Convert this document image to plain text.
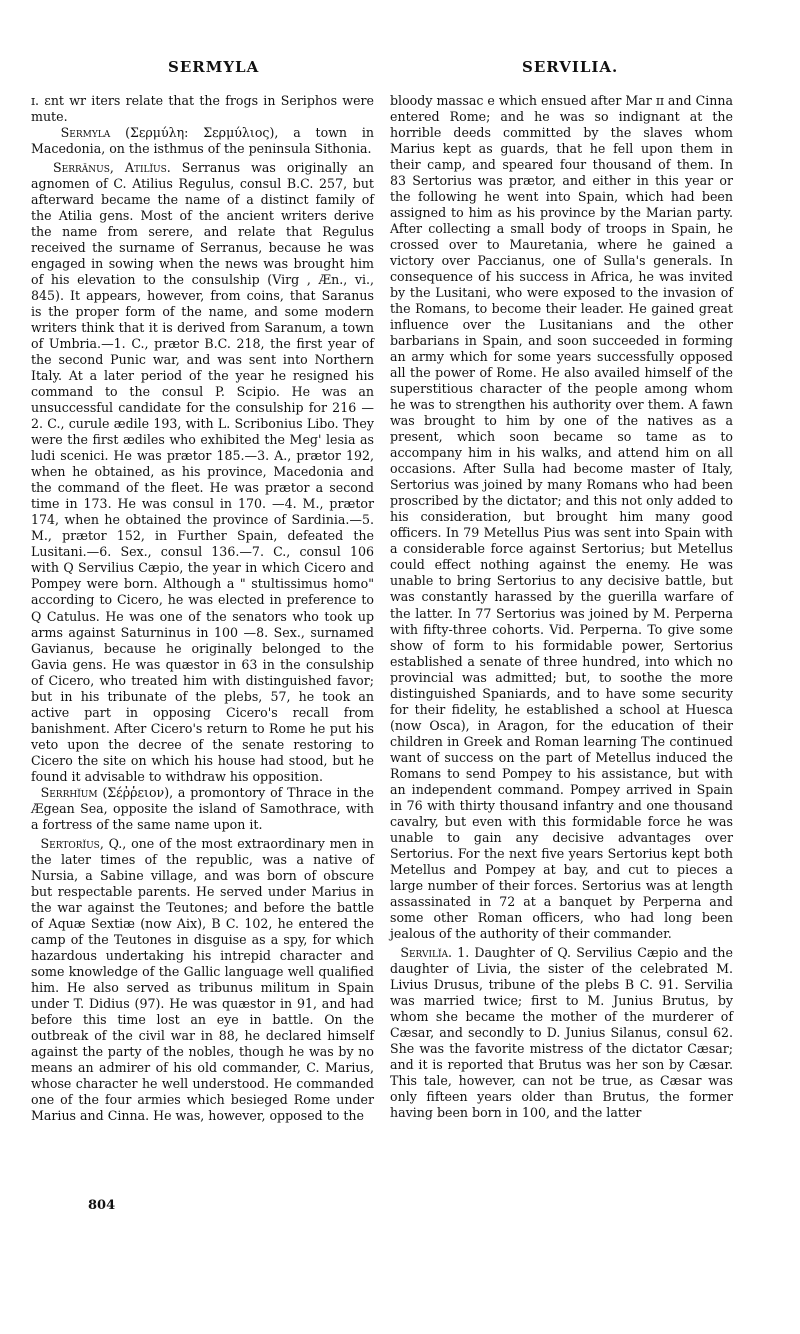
SERMYLA	SERVILIA.

ɪ. ɛnt wr iters relate that the frogs in Seriphos were mute.

Sermyla (Σερμύλη: Σερμύλιος), a town in Macedonia, on the isthmus of the peninsula Sithonia.

Serrānus, Atilĭus. Serranus was originally an agnomen of C. Atilius Regulus, consul B.C. 257, but afterward became the name of a distinct family of the Atilia gens. Most of the ancient writers derive the name from serere, and relate that Regulus received the surname of Serranus, because he was engaged in sowing when the news was brought him of his elevation to the consulship (Virg , Æn., vi., 845). It appears, however, from coins, that Saranus is the proper form of the name, and some modern writers think that it is derived from Saranum, a town of Umbria.—1. C., prætor B.C. 218, the first year of the second Punic war, and was sent into Northern Italy. At a later period of the year he resigned his command to the consul P. Scipio. He was an unsuccessful candidate for the consulship for 216 —2. C., curule ædile 193, with L. Scribonius Libo. They were the first ædiles who exhibited the Meg' lesia as ludi scenici. He was prætor 185.—3. A., prætor 192, when he obtained, as his province, Macedonia and the command of the fleet. He was prætor a second time in 173. He was consul in 170. —4. M., prætor 174, when he obtained the province of Sardinia.—5. M., prætor 152, in Further Spain, defeated the Lusitani.—6. Sex., consul 136.—7. C., consul 106 with Q Servilius Cæpio, the year in which Cicero and Pompey were born. Although a " stultissimus homo" according to Cicero, he was elected in preference to Q Catulus. He was one of the senators who took up arms against Saturninus in 100 —8. Sex., surnamed Gavianus, because he originally belonged to the Gavia gens. He was quæstor in 63 in the consulship of Cicero, who treated him with distinguished favor; but in his tribunate of the plebs, 57, he took an active part in opposing Cicero's recall from banishment. After Cicero's return to Rome he put his veto upon the decree of the senate restoring to Cicero the site on which his house had stood, but he found it advisable to withdraw his opposition.

Serrhĭum (Σέῤῥειον), a promontory of Thrace in the Ægean Sea, opposite the island of Samothrace, with a fortress of the same name upon it.

Sertorĭus, Q., one of the most extraordinary men in the later times of the republic, was a native of Nursia, a Sabine village, and was born of obscure but respectable parents. He served under Marius in the war against the Teutones; and before the battle of Aquæ Sextiæ (now Aix), B C. 102, he entered the camp of the Teutones in disguise as a spy, for which hazardous undertaking his intrepid character and some knowledge of the Gallic language well qualified him. He also served as tribunus militum in Spain under T. Didius (97). He was quæstor in 91, and had before this time lost an eye in battle. On the outbreak of the civil war in 88, he declared himself against the party of the nobles, though he was by no means an admirer of his old commander, C. Marius, whose character he well understood. He commanded one of the four armies which besieged Rome under Marius and Cinna. He was, however, opposed to the

bloody massac e which ensued after Mar ɪɪ and Cinna entered Rome; and he was so indignant at the horrible deeds committed by the slaves whom Marius kept as guards, that he fell upon them in their camp, and speared four thousand of them. In 83 Sertorius was prætor, and either in this year or the following he went into Spain, which had been assigned to him as his province by the Marian party. After collecting a small body of troops in Spain, he crossed over to Mauretania, where he gained a victory over Paccianus, one of Sulla's generals. In consequence of his success in Africa, he was invited by the Lusitani, who were exposed to the invasion of the Romans, to become their leader. He gained great influence over the Lusitanians and the other barbarians in Spain, and soon succeeded in forming an army which for some years successfully opposed all the power of Rome. He also availed himself of the superstitious character of the people among whom he was to strengthen his authority over them. A fawn was brought to him by one of the natives as a present, which soon became so tame as to accompany him in his walks, and attend him on all occasions. After Sulla had become master of Italy, Sertorius was joined by many Romans who had been proscribed by the dictator; and this not only added to his consideration, but brought him many good officers. In 79 Metellus Pius was sent into Spain with a considerable force against Sertorius; but Metellus could effect nothing against the enemy. He was unable to bring Sertorius to any decisive battle, but was constantly harassed by the guerilla warfare of the latter. In 77 Sertorius was joined by M. Perperna with fifty-three cohorts. Vid. Perperna. To give some show of form to his formidable power, Sertorius established a senate of three hundred, into which no provincial was admitted; but, to soothe the more distinguished Spaniards, and to have some security for their fidelity, he established a school at Huesca (now Osca), in Aragon, for the education of their children in Greek and Roman learning The continued want of success on the part of Metellus induced the Romans to send Pompey to his assistance, but with an independent command. Pompey arrived in Spain in 76 with thirty thousand infantry and one thousand cavalry, but even with this formidable force he was unable to gain any decisive advantages over Sertorius. For the next five years Sertorius kept both Metellus and Pompey at bay, and cut to pieces a large number of their forces. Sertorius was at length assassinated in 72 at a banquet by Perperna and some other Roman officers, who had long been jealous of the authority of their commander.

Servilĭa. 1. Daughter of Q. Servilius Cæpio and the daughter of Livia, the sister of the celebrated M. Livius Drusus, tribune of the plebs B C. 91. Servilia was married twice; first to M. Junius Brutus, by whom she became the mother of the murderer of Cæsar, and secondly to D. Junius Silanus, consul 62. She was the favorite mistress of the dictator Cæsar; and it is reported that Brutus was her son by Cæsar. This tale, however, can not be true, as Cæsar was only fifteen years older than Brutus, the former having been born in 100, and the latter

804
